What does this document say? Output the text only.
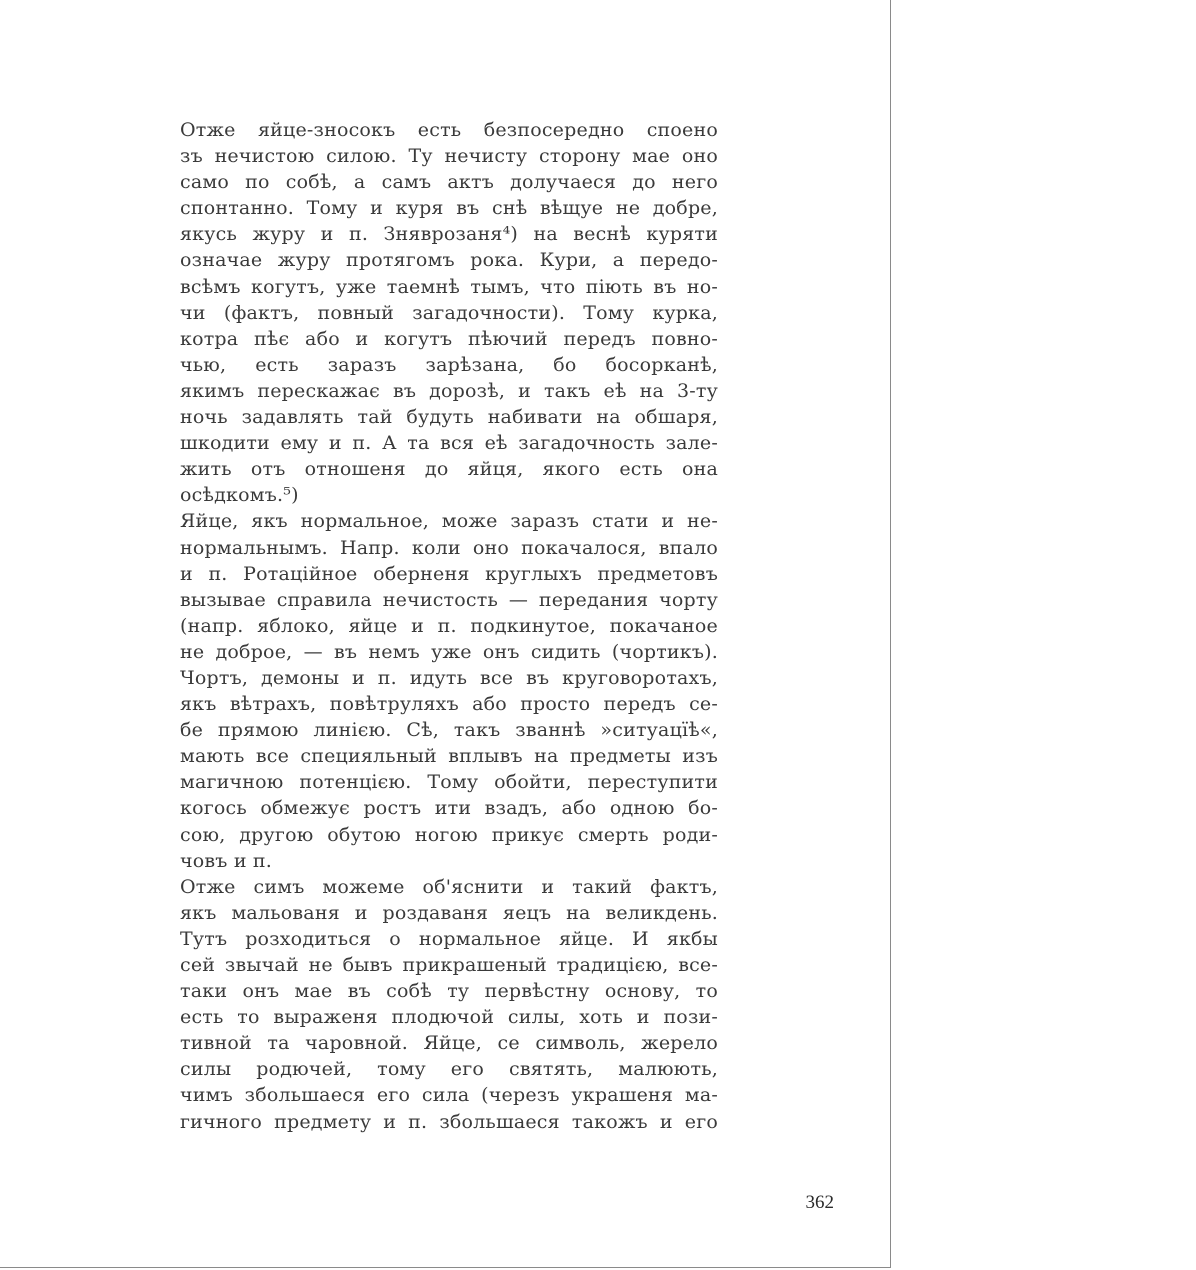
Отже яйце-зносокъ есть безпосередно споено
зъ нечистою силою. Ту нечисту сторону мае оно
само по собѣ, а самъ актъ долучаеся до него
спонтанно. Тому и куря въ снѣ вѣщуе не добре,
якусь журу и п. Зняврозаня⁴) на веснѣ куряти
означае журу протягомъ рока. Кури, а передо-
всѣмъ когутъ, уже таемнѣ тымъ, что піють въ но-
чи (фактъ, повный загадочности). Тому курка,
котра пѣє або и когутъ пѣючий передъ повно-
чью, есть заразъ зарѣзана, бо босорканѣ,
якимъ перескажає въ дорозѣ, и такъ еѣ на 3-ту
ночь задавлять тай будуть набивати на обшаря,
шкодити ему и п. А та вся еѣ загадочность зале-
жить отъ отношеня до яйця, якого есть она
осѣдкомъ.⁵)
Яйце, якъ нормальное, може заразъ стати и не-
нормальнымъ. Напр. коли оно покачалося, впало
и п. Ротаційное оберненя круглыхъ предметовъ
вызывае справила нечистость — передания чорту
(напр. яблоко, яйце и п. подкинутое, покачаное
не доброе, — въ немъ уже онъ сидить (чортикъ).
Чортъ, демоны и п. идуть все въ круговоротахъ,
якъ вѣтрахъ, повѣтруляхъ або просто передъ се-
бе прямою линією. Сѣ, такъ званнѣ »ситуацїѣ«,
мають все специяльный вплывъ на предметы изъ
магичною потенцією. Тому обойти, переступити
когось обмежує ростъ ити взадъ, або одною бо-
сою, другою обутою ногою прикує смерть роди-
човъ и п.
Отже симъ можеме об'яснити и такий фактъ,
якъ мальованя и роздаваня яецъ на великдень.
Тутъ розходиться о нормальное яйце. И якбы
сей звычай не бывъ прикрашеный традицією, все-
таки онъ мае въ собѣ ту первѣстну основу, то
есть то выраженя плодючой силы, хоть и пози-
тивной та чаровной. Яйце, се символь, жерело
силы родючей, тому его святять, малюють,
чимъ збольшаеся его сила (черезъ украшеня ма-
гичного предмету и п. збольшаеся такожъ и его
362
